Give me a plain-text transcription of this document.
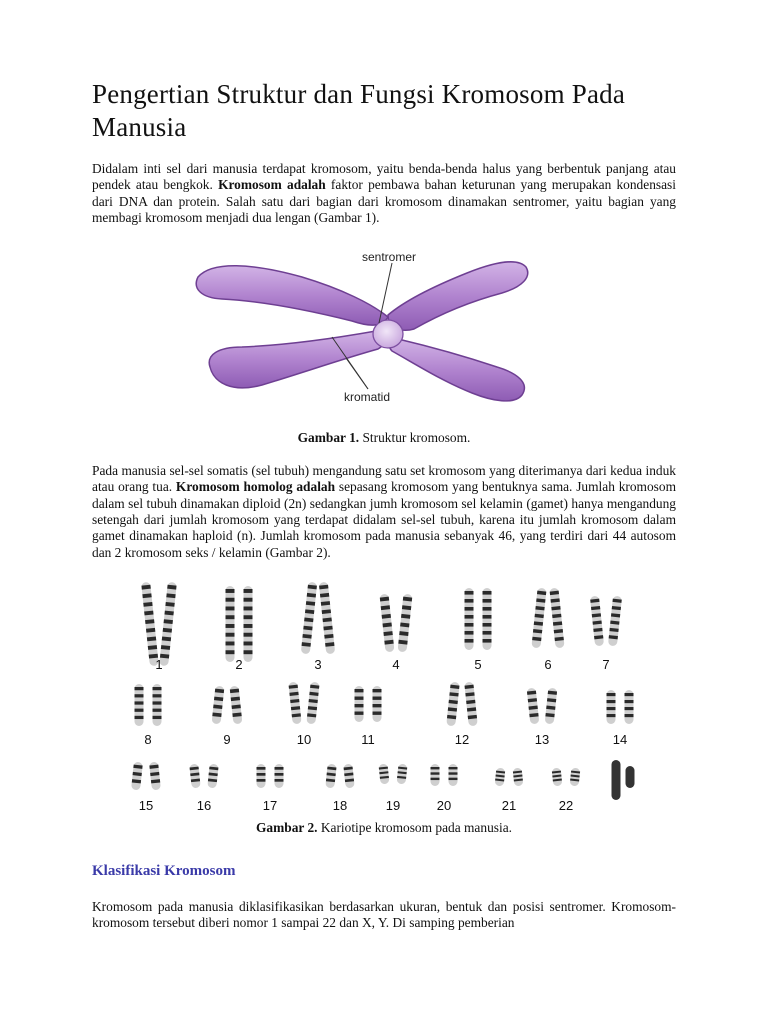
Pengertian Struktur dan Fungsi Kromosom Pada Manusia

Didalam inti sel dari manusia terdapat kromosom, yaitu benda-benda halus yang berbentuk panjang atau pendek atau bengkok. Kromosom adalah faktor pembawa bahan keturunan yang merupakan kondensasi dari DNA dan protein. Salah satu dari bagian dari kromosom dinamakan sentromer, yaitu bagian yang membagi kromosom menjadi dua lengan (Gambar 1).

sentromer
kromatid
Gambar 1. Struktur kromosom.

Pada manusia sel-sel somatis (sel tubuh) mengandung satu set kromosom yang diterimanya dari kedua induk atau orang tua. Kromosom homolog adalah sepasang kromosom yang bentuknya sama. Jumlah kromosom dalam sel tubuh dinamakan diploid (2n) sedangkan jumh kromosom sel kelamin (gamet) hanya mengandung setengah dari jumlah kromosom yang terdapat didalam sel-sel tubuh, karena itu jumlah kromosom dalam gamet dinamakan haploid (n). Jumlah kromosom pada manusia sebanyak 46, yang terdiri dari 44 autosom dan 2 kromosom seks / kelamin (Gambar 2).

1	2	3	4	5	6	7
8	9	10	11	12	13	14
15	16	17	18	19	20	21	22
Gambar 2. Kariotipe kromosom pada manusia.
Klasifikasi Kromosom

Kromosom pada manusia diklasifikasikan berdasarkan ukuran, bentuk dan posisi sentromer. Kromosom-kromosom tersebut diberi nomor 1 sampai 22 dan X, Y. Di samping pemberian
